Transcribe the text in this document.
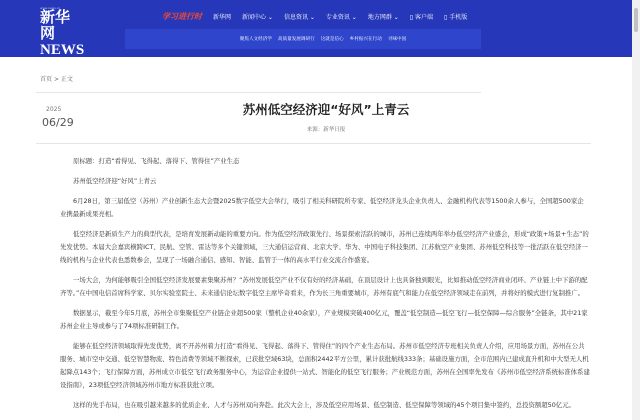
www.news.cn
新华网 NEWS
江苏频道
js.xinhuanet.com
学习进行时 新华网 新闻中心 ⌄ 信息资讯 ⌄ 专业资讯 ⌄ 地方网群 ⌄ ▯ 客户端 ▯ 手机版
聚焦人文经济学 高质量发展调研行 这就是信心 乡村振兴在行动 寻味中国
首页 > 正文
2025
06/29
苏州低空经济迎“好风”上青云
来源：新华日报

原标题：打造“看得见、飞得起、落得下、管得住”产业生态

苏州低空经济迎“好风”上青云

6月28日，第三届低空（苏州）产业创新生态大会暨2025数字低空大会举行，吸引了相关科研院所专家、低空经济龙头企业负责人、金融机构代表等1500余人参与，全国超500家企业携最新成果亮相。

低空经济是新质生产力的典型代表，是培育发展新动能的重要方向。作为低空经济政策先行、场景探索活跃的城市，苏州已连续两年举办低空经济产业盛会，形成“政策+场景+生态”的先发优势。本届大会嘉宾横跨ICT、民航、空管、雷达等多个关键领域，三大通信运营商、北京大学、华为、中国电子科技集团、江苏航空产业集团、苏州低空科技等一批活跃在低空经济一线的机构与企业代表也悉数参会，呈现了一场融合通信、感知、智能、监管于一体的高水平行业交流合作盛宴。

一场大会，为何能够吸引全国低空经济发展要素集聚苏州？“苏州发展低空产业不仅有好的经济基础，在顶层设计上也具备独到眼光，比如推动低空经济商业闭环、产业链上中下游的配齐等。”在中国电信首席科学家、贝尔实验室院士、未来通信论坛数字低空主席毕奇看来，作为长三角重要城市，苏州有底气和能力在低空经济领域走在前列，并将好的模式进行复制推广。

数据显示，截至今年5月底，苏州全市集聚低空产业链企业超500家（整机企业40余家），产业规模突破400亿元，覆盖“低空制造—低空飞行—低空保障—综合服务”全链条，其中21家苏州企业主导或参与了74项标准研制工作。

能够在低空经济领域取得先发优势，离不开苏州着力打造“看得见、飞得起、落得下、管得住”的四个产业生态布局。苏州市低空经济专班相关负责人介绍，应用场景方面，苏州在公共服务、城市空中交通、低空智慧物流、特色消费等领域不断探索，已获批空域63块，总面积2442平方公里，累计获批航线333条；基础设施方面，全市范围内已建成直升机和中大型无人机起降点143个；飞行保障方面，苏州成立市低空飞行政务服务中心，为运营企业提供一站式、智能化的低空飞行服务；产业规范方面，苏州在全国率先发布《苏州市低空经济系统标准体系建设指南》，23项低空经济领域苏州市地方标准获批立项。

这样的先手布局，也在吸引越来越多的优质企业、人才与苏州双向奔赴。此次大会上，涉及低空应用场景、低空制造、低空保障等领域的45个项目集中签约，总投资额超50亿元。
